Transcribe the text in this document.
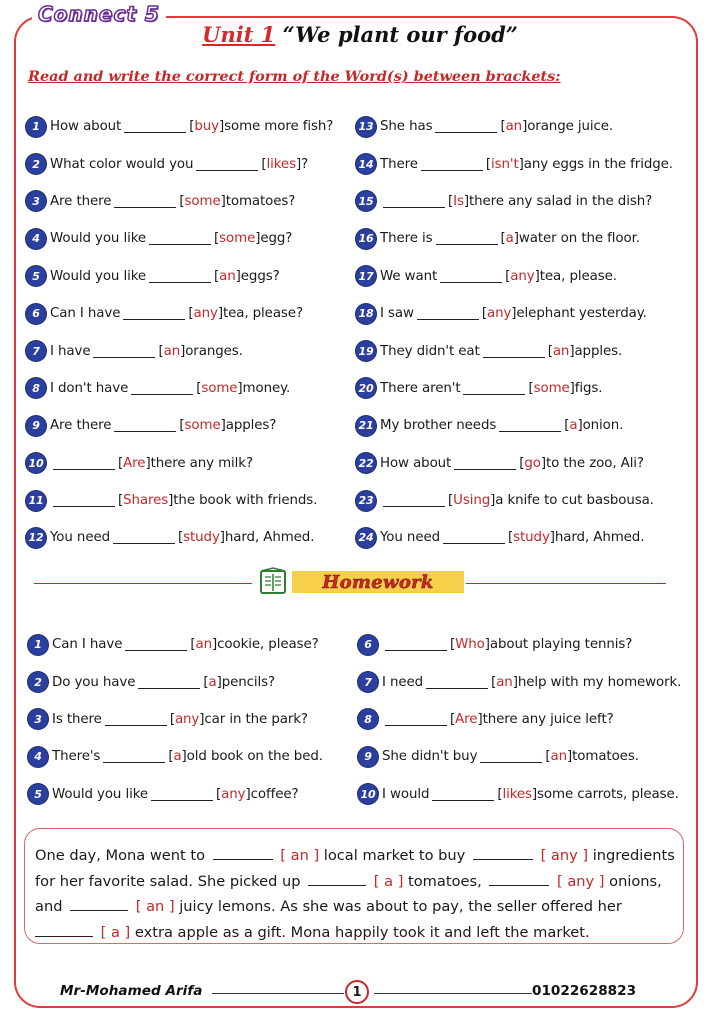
Connect 5
Unit 1 “We plant our food”
Read and write the correct form of the Word(s) between brackets:
1 How about	[ buy ] some more fish?
2 What color would you	[ likes ] ?
3 Are there	[ some ] tomatoes?
4 Would you like	[ some ] egg?
5 Would you like	[ an ] eggs?
6 Can I have	[ any ] tea, please?
7 I have	[ an ] oranges.
8 I don't have	[ some ] money.
9 Are there	[ some ] apples?
10	[ Are ] there any milk?
11	[ Shares ] the book with friends.
12 You need	[ study ] hard, Ahmed.
13 She has	[ an ] orange juice.
14 There	[ isn't ] any eggs in the fridge.
15	[ Is ] there any salad in the dish?
16 There is	[ a ] water on the floor.
17 We want	[ any ] tea, please.
18 I saw	[ any ] elephant yesterday.
19 They didn't eat	[ an ] apples.
20 There aren't	[ some ] figs.
21 My brother needs	[ a ] onion.
22 How about	[ go ] to the zoo, Ali?
23	[ Using ] a knife to cut basbousa.
24 You need	[ study ] hard, Ahmed.
Homework
1 Can I have	[ an ] cookie, please?
2 Do you have	[ a ] pencils?
3 Is there	[ any ] car in the park?
4 There's	[ a ] old book on the bed.
5 Would you like	[ any ] coffee?
6	[ Who ] about playing tennis?
7 I need	[ an ] help with my homework.
8	[ Are ] there any juice left?
9 She didn't buy	[ an ] tomatoes.
10 I would	[ likes ] some carrots, please.
One day, Mona went to	[ an ] local market to buy	[ any ] ingredients
for her favorite salad. She picked up	[ a ] tomatoes,	[ any ] onions,
and	[ an ] juicy lemons. As she was about to pay, the seller offered her
[ a ] extra apple as a gift. Mona happily took it and left the market.
Mr-Mohamed Arifa	1	01022628823
